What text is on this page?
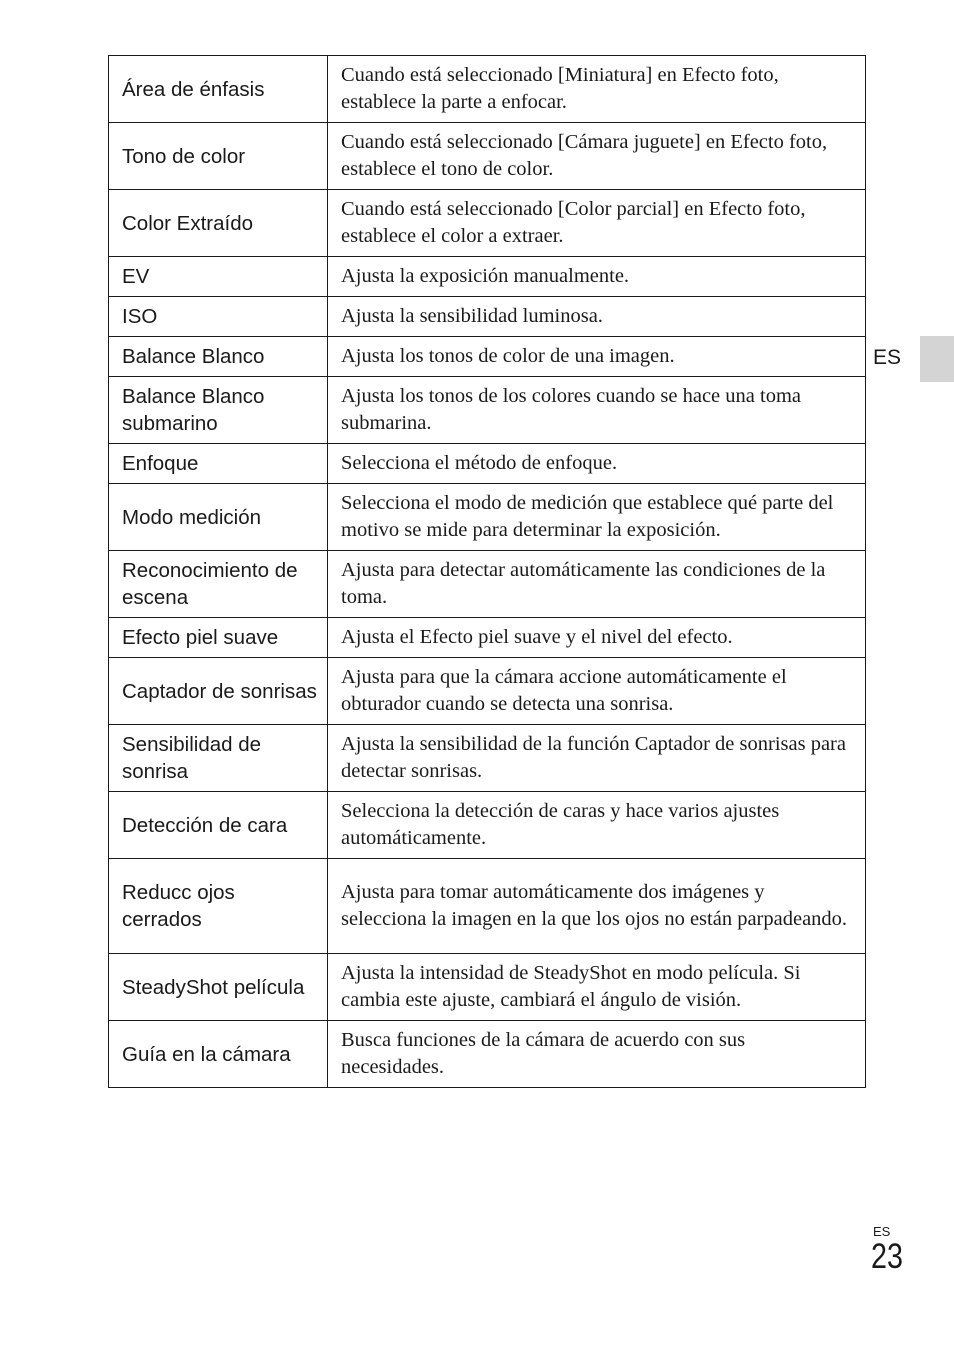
Área de énfasis	Cuando está seleccionado [Miniatura] en Efecto foto, establece la parte a enfocar.
Tono de color	Cuando está seleccionado [Cámara juguete] en Efecto foto, establece el tono de color.
Color Extraído	Cuando está seleccionado [Color parcial] en Efecto foto, establece el color a extraer.
EV	Ajusta la exposición manualmente.
ISO	Ajusta la sensibilidad luminosa.
Balance Blanco	Ajusta los tonos de color de una imagen.
Balance Blanco submarino	Ajusta los tonos de los colores cuando se hace una toma submarina.
Enfoque	Selecciona el método de enfoque.
Modo medición	Selecciona el modo de medición que establece qué parte del motivo se mide para determinar la exposición.
Reconocimiento de escena	Ajusta para detectar automáticamente las condiciones de la toma.
Efecto piel suave	Ajusta el Efecto piel suave y el nivel del efecto.
Captador de sonrisas	Ajusta para que la cámara accione automáticamente el obturador cuando se detecta una sonrisa.
Sensibilidad de sonrisa	Ajusta la sensibilidad de la función Captador de sonrisas para detectar sonrisas.
Detección de cara	Selecciona la detección de caras y hace varios ajustes automáticamente.
Reducc ojos cerrados	Ajusta para tomar automáticamente dos imágenes y selecciona la imagen en la que los ojos no están parpadeando.
SteadyShot película	Ajusta la intensidad de SteadyShot en modo película. Si cambia este ajuste, cambiará el ángulo de visión.
Guía en la cámara	Busca funciones de la cámara de acuerdo con sus necesidades.
ES
ES
23
